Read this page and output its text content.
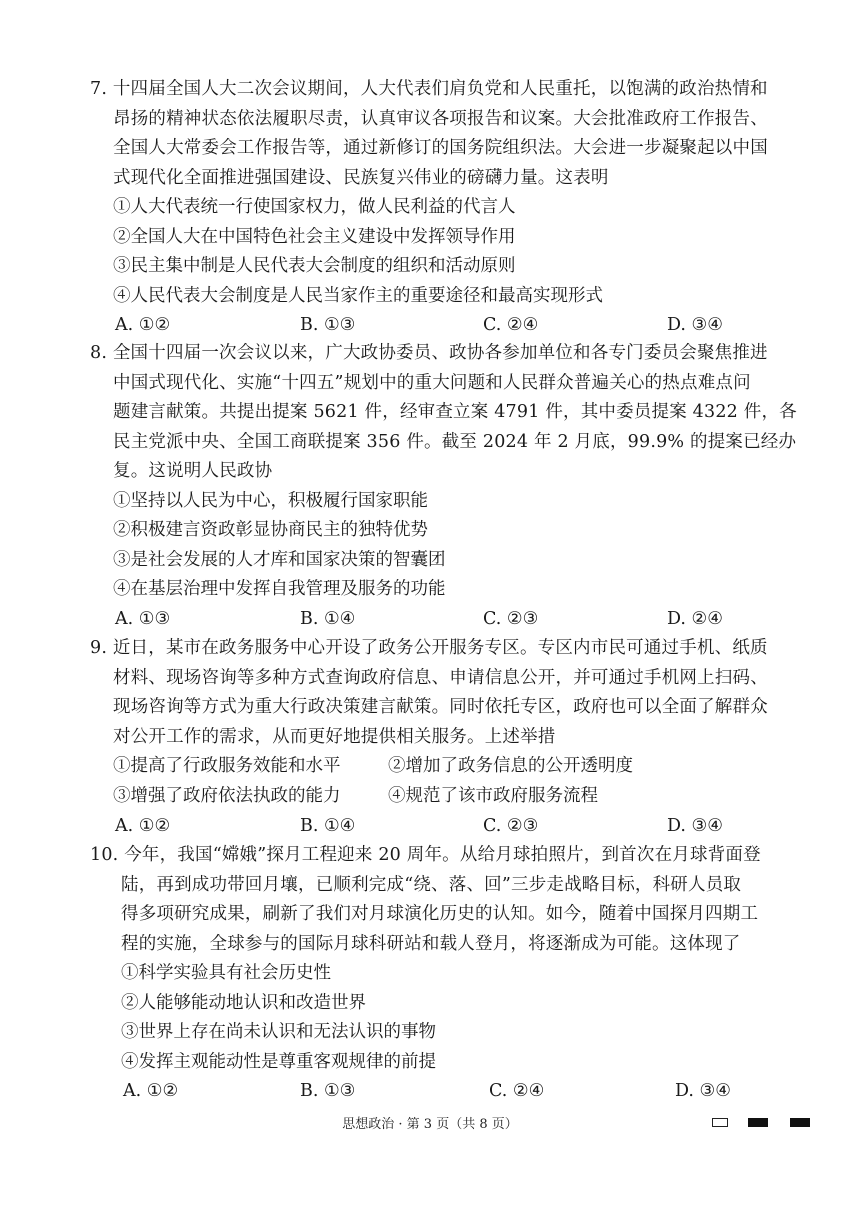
7. 十四届全国人大二次会议期间，人大代表们肩负党和人民重托，以饱满的政治热情和
昂扬的精神状态依法履职尽责，认真审议各项报告和议案。大会批准政府工作报告、
全国人大常委会工作报告等，通过新修订的国务院组织法。大会进一步凝聚起以中国
式现代化全面推进强国建设、民族复兴伟业的磅礴力量。这表明
①人大代表统一行使国家权力，做人民利益的代言人
②全国人大在中国特色社会主义建设中发挥领导作用
③民主集中制是人民代表大会制度的组织和活动原则
④人民代表大会制度是人民当家作主的重要途径和最高实现形式
A. ①②	B. ①③	C. ②④	D. ③④
8. 全国十四届一次会议以来，广大政协委员、政协各参加单位和各专门委员会聚焦推进
中国式现代化、实施“十四五”规划中的重大问题和人民群众普遍关心的热点难点问
题建言献策。共提出提案 5621 件，经审查立案 4791 件，其中委员提案 4322 件，各
民主党派中央、全国工商联提案 356 件。截至 2024 年 2 月底，99.9% 的提案已经办
复。这说明人民政协
①坚持以人民为中心，积极履行国家职能
②积极建言资政彰显协商民主的独特优势
③是社会发展的人才库和国家决策的智囊团
④在基层治理中发挥自我管理及服务的功能
A. ①③	B. ①④	C. ②③	D. ②④
9. 近日，某市在政务服务中心开设了政务公开服务专区。专区内市民可通过手机、纸质
材料、现场咨询等多种方式查询政府信息、申请信息公开，并可通过手机网上扫码、
现场咨询等方式为重大行政决策建言献策。同时依托专区，政府也可以全面了解群众
对公开工作的需求，从而更好地提供相关服务。上述举措
①提高了行政服务效能和水平	②增加了政务信息的公开透明度
③增强了政府依法执政的能力	④规范了该市政府服务流程
A. ①②	B. ①④	C. ②③	D. ③④
10. 今年，我国“嫦娥”探月工程迎来 20 周年。从给月球拍照片，到首次在月球背面登
陆，再到成功带回月壤，已顺利完成“绕、落、回”三步走战略目标，科研人员取
得多项研究成果，刷新了我们对月球演化历史的认知。如今，随着中国探月四期工
程的实施，全球参与的国际月球科研站和载人登月，将逐渐成为可能。这体现了
①科学实验具有社会历史性
②人能够能动地认识和改造世界
③世界上存在尚未认识和无法认识的事物
④发挥主观能动性是尊重客观规律的前提
A. ①②	B. ①③	C. ②④	D. ③④
思想政治 · 第 3 页（共 8 页）
